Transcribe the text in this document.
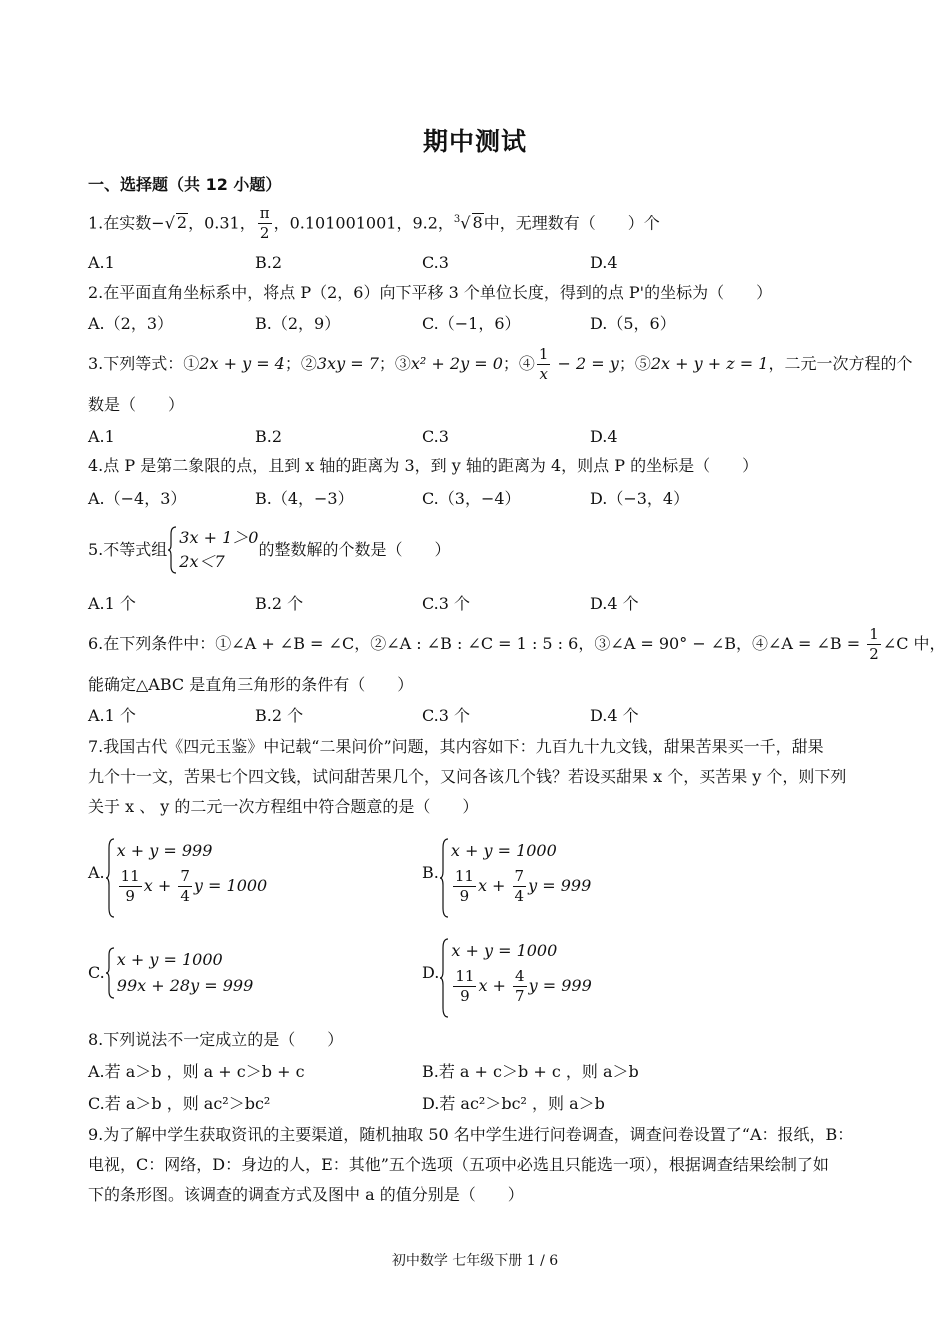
期中测试
一、选择题（共 12 小题）
1.在实数−√ 2，0.31， $\frac{\pi}{2}$ ，0.101001001，9.2，$^3$√ 8中，无理数有（　　）个
A.1	B.2	C.3	D.4
2.在平面直角坐标系中，将点 P（2，6）向下平移 3 个单位长度，得到的点 P'的坐标为（　　）
A.（2，3）	B.（2，9）	C.（−1，6）	D.（5，6）
3.下列等式：①2x + y = 4；②3xy = 7；③x² + 2y = 0；④ $\frac{1}{x} - 2 = y$；⑤2x + y + z = 1，二元一次方程的个
数是（　　）
A.1	B.2	C.3	D.4
4.点 P 是第二象限的点，且到 x 轴的距离为 3，到 y 轴的距离为 4，则点 P 的坐标是（　　）
A.（−4，3）	B.（4，−3）	C.（3，−4）	D.（−3，4）
5.不等式组
3x + 1＞0
2x＜7
的整数解的个数是（　　）
A.1 个	B.2 个	C.3 个	D.4 个
6.在下列条件中：①∠A + ∠B = ∠C，②∠A : ∠B : ∠C = 1 : 5 : 6，③∠A = 90° − ∠B，④∠A = ∠B = $\frac{1}{2}$ ∠C 中，
能确定△ABC 是直角三角形的条件有（　　）
A.1 个	B.2 个	C.3 个	D.4 个
7.我国古代《四元玉鉴》中记载“二果问价”问题，其内容如下：九百九十九文钱，甜果苦果买一千，甜果
九个十一文，苦果七个四文钱，试问甜苦果几个，又问各该几个钱？若设买甜果 x 个，买苦果 y 个，则下列
关于 x 、 y 的二元一次方程组中符合题意的是（　　）
A.
x + y = 999
$\frac{11}{9}$ $x + \frac{7}{4}$ y = 1000
B.
x + y = 1000
$\frac{11}{9}$ $x + \frac{7}{4}$ y = 999
C.
x + y = 1000
99x + 28y = 999
D.
x + y = 1000
$\frac{11}{9}$ $x + \frac{4}{7}$ y = 999
8.下列说法不一定成立的是（　　）
A.若 a＞b ，则 a + c＞b + c	B.若 a + c＞b + c ，则 a＞b
C.若 a＞b ，则 ac²＞bc²	D.若 ac²＞bc² ，则 a＞b
9.为了解中学生获取资讯的主要渠道，随机抽取 50 名中学生进行问卷调查，调查问卷设置了“A：报纸，B：
电视，C：网络，D：身边的人，E：其他”五个选项（五项中必选且只能选一项），根据调查结果绘制了如
下的条形图。该调查的调查方式及图中 a 的值分别是（　　）
初中数学 七年级下册 1 / 6
